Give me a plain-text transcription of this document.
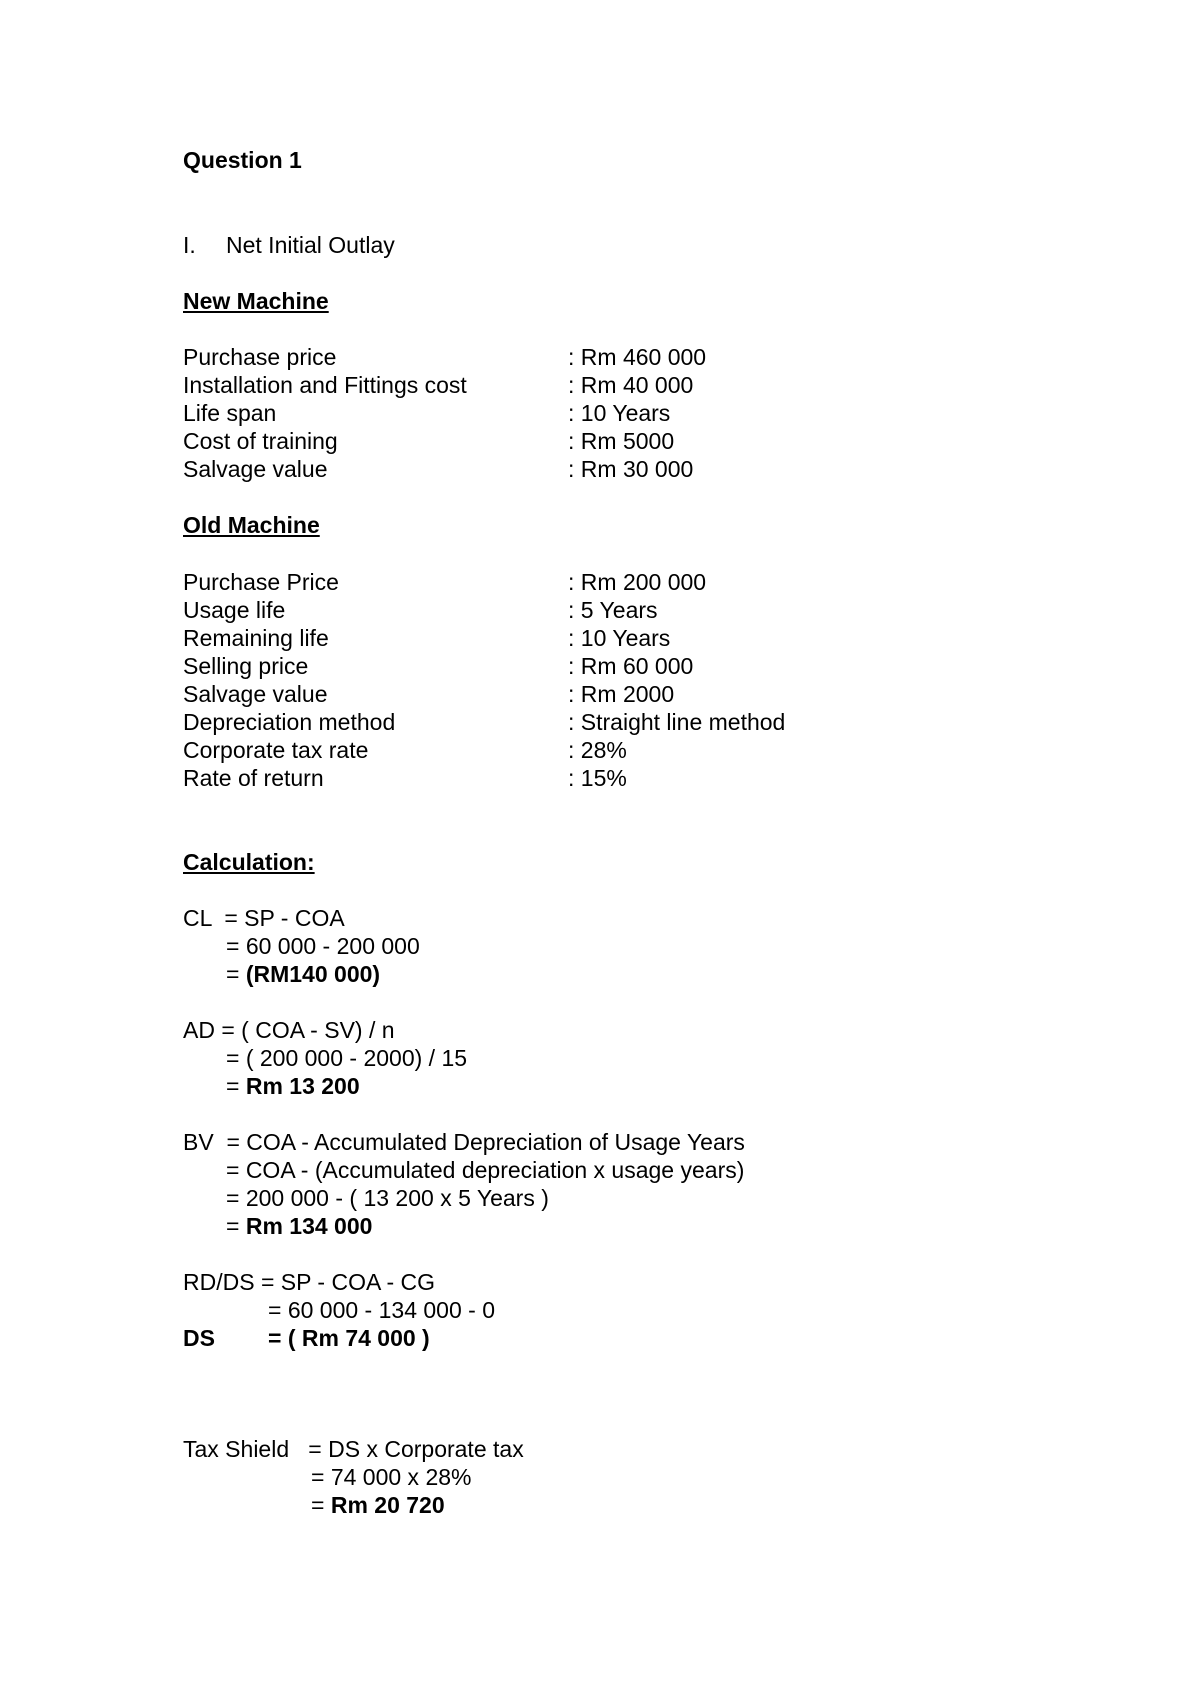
Question 1
I. Net Initial Outlay
New Machine
Purchase price	: Rm 460 000
Installation and Fittings cost	: Rm 40 000
Life span	: 10 Years
Cost of training	: Rm 5000
Salvage value	: Rm 30 000
Old Machine
Purchase Price	: Rm 200 000
Usage life	: 5 Years
Remaining life	: 10 Years
Selling price	: Rm 60 000
Salvage value	: Rm 2000
Depreciation method	: Straight line method
Corporate tax rate	: 28%
Rate of return	: 15%
Calculation:
CL  = SP - COA
= 60 000 - 200 000
= (RM140 000)
AD = ( COA - SV) / n
= ( 200 000 - 2000) / 15
= Rm 13 200
BV  = COA - Accumulated Depreciation of Usage Years
= COA - (Accumulated depreciation x usage years)
= 200 000 - ( 13 200 x 5 Years )
= Rm 134 000
RD/DS = SP - COA - CG
= 60 000 - 134 000 - 0
DS = ( Rm 74 000 )
Tax Shield   = DS x Corporate tax
= 74 000 x 28%
= Rm 20 720
